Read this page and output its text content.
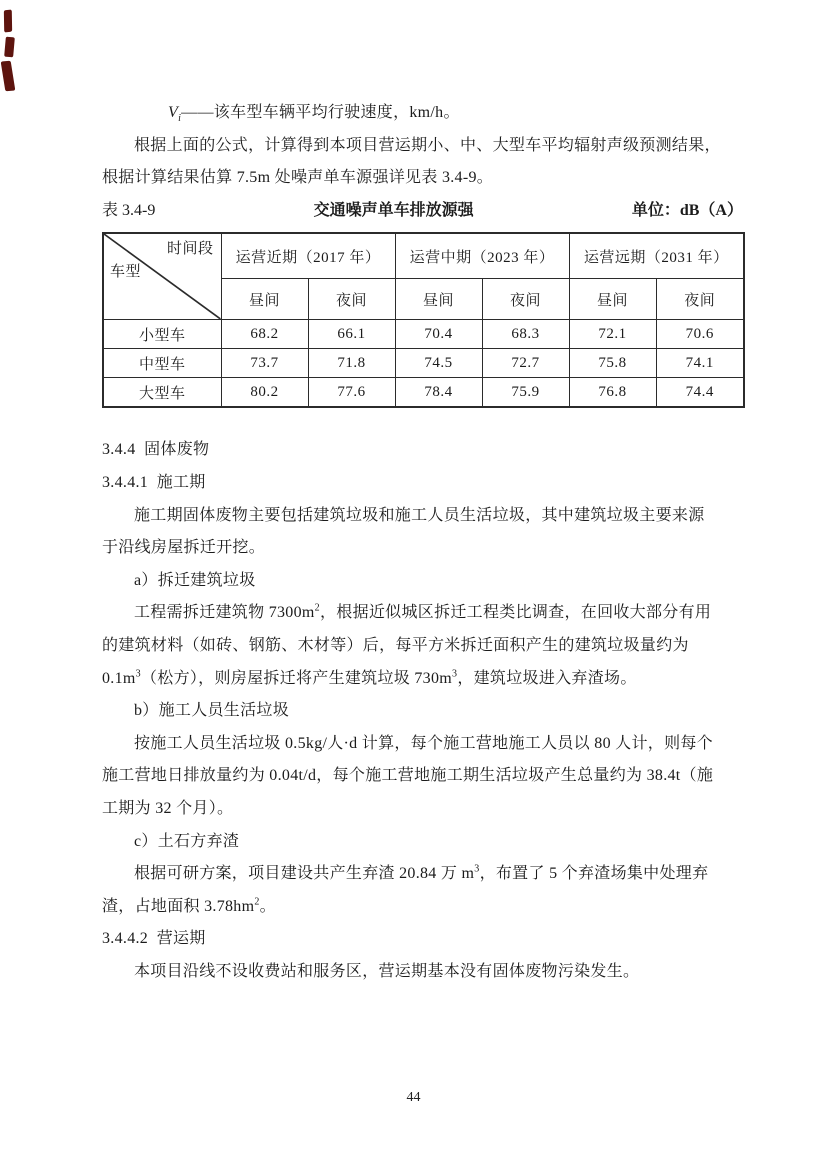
$V_i——$该车型车辆平均行驶速度，km/h。
根据上面的公式，计算得到本项目营运期小、中、大型车平均辐射声级预测结果，
根据计算结果估算 7.5m 处噪声单车源强详见表 3.4-9。
表 3.4-9	交通噪声单车排放源强	单位：dB（A）

时间段

车型	运营近期（2017 年）		运营中期（2023 年）		运营远期（2031 年）	
	昼间	夜间	昼间	夜间	昼间	夜间
小型车	68.2	66.1	70.4	68.3	72.1	70.6
中型车	73.7	71.8	74.5	72.7	75.8	74.1
大型车	80.2	77.6	78.4	75.9	76.8	74.4
3.4.4  固体废物
3.4.4.1  施工期
施工期固体废物主要包括建筑垃圾和施工人员生活垃圾，其中建筑垃圾主要来源
于沿线房屋拆迁开挖。
a）拆迁建筑垃圾
工程需拆迁建筑物 $7300m^2$，根据近似城区拆迁工程类比调查，在回收大部分有用
的建筑材料（如砖、钢筋、木材等）后，每平方米拆迁面积产生的建筑垃圾量约为
$0.1m^3$（松方），则房屋拆迁将产生建筑垃圾 $730m^3$，建筑垃圾进入弃渣场。
b）施工人员生活垃圾
按施工人员生活垃圾 0.5kg/人·d 计算，每个施工营地施工人员以 80 人计，则每个
施工营地日排放量约为 0.04t/d，每个施工营地施工期生活垃圾产生总量约为 38.4t（施
工期为 32 个月）。
c）土石方弃渣
根据可研方案，项目建设共产生弃渣 20.84 万 $m^3$，布置了 5 个弃渣场集中处理弃
渣，占地面积 $3.78hm^2$。
3.4.4.2  营运期
本项目沿线不设收费站和服务区，营运期基本没有固体废物污染发生。
44
